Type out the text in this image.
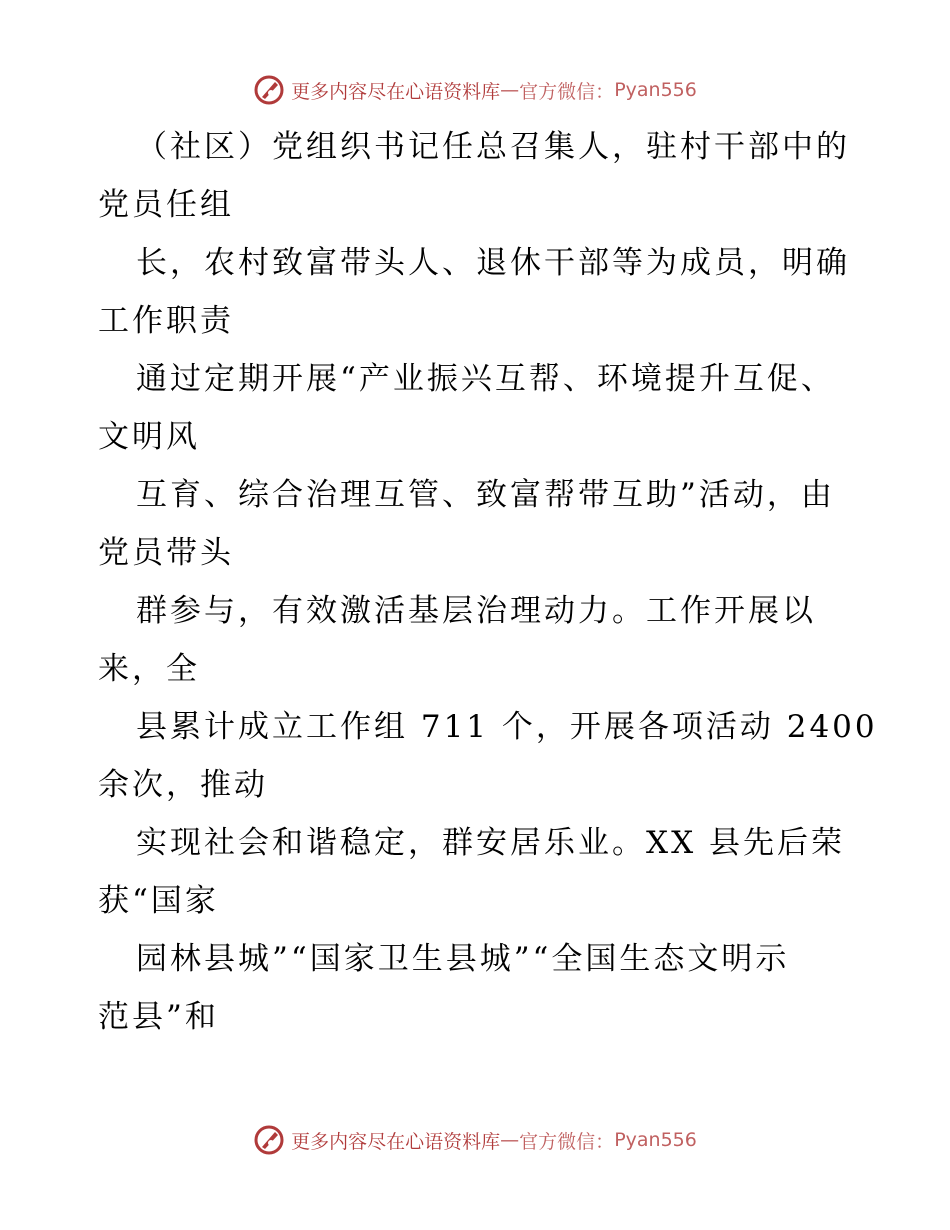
更多内容尽在心语资料库 — 官方微信： Pyan556
（社区）党组织书记任总召集人，驻村干部中的
党员任组
长，农村致富带头人、退休干部等为成员，明确
工作职责
通过定期开展“产业振兴互帮、环境提升互促、
文明风
互育、综合治理互管、致富帮带互助”活动，由
党员带头
群参与，有效激活基层治理动力。工作开展以
来，全
县累计成立工作组 711 个，开展各项活动 2400
余次，推动
实现社会和谐稳定，群安居乐业。XX 县先后荣
获“国家
园林县城”“国家卫生县城”“全国生态文明示
范县”和
更多内容尽在心语资料库 — 官方微信： Pyan556
